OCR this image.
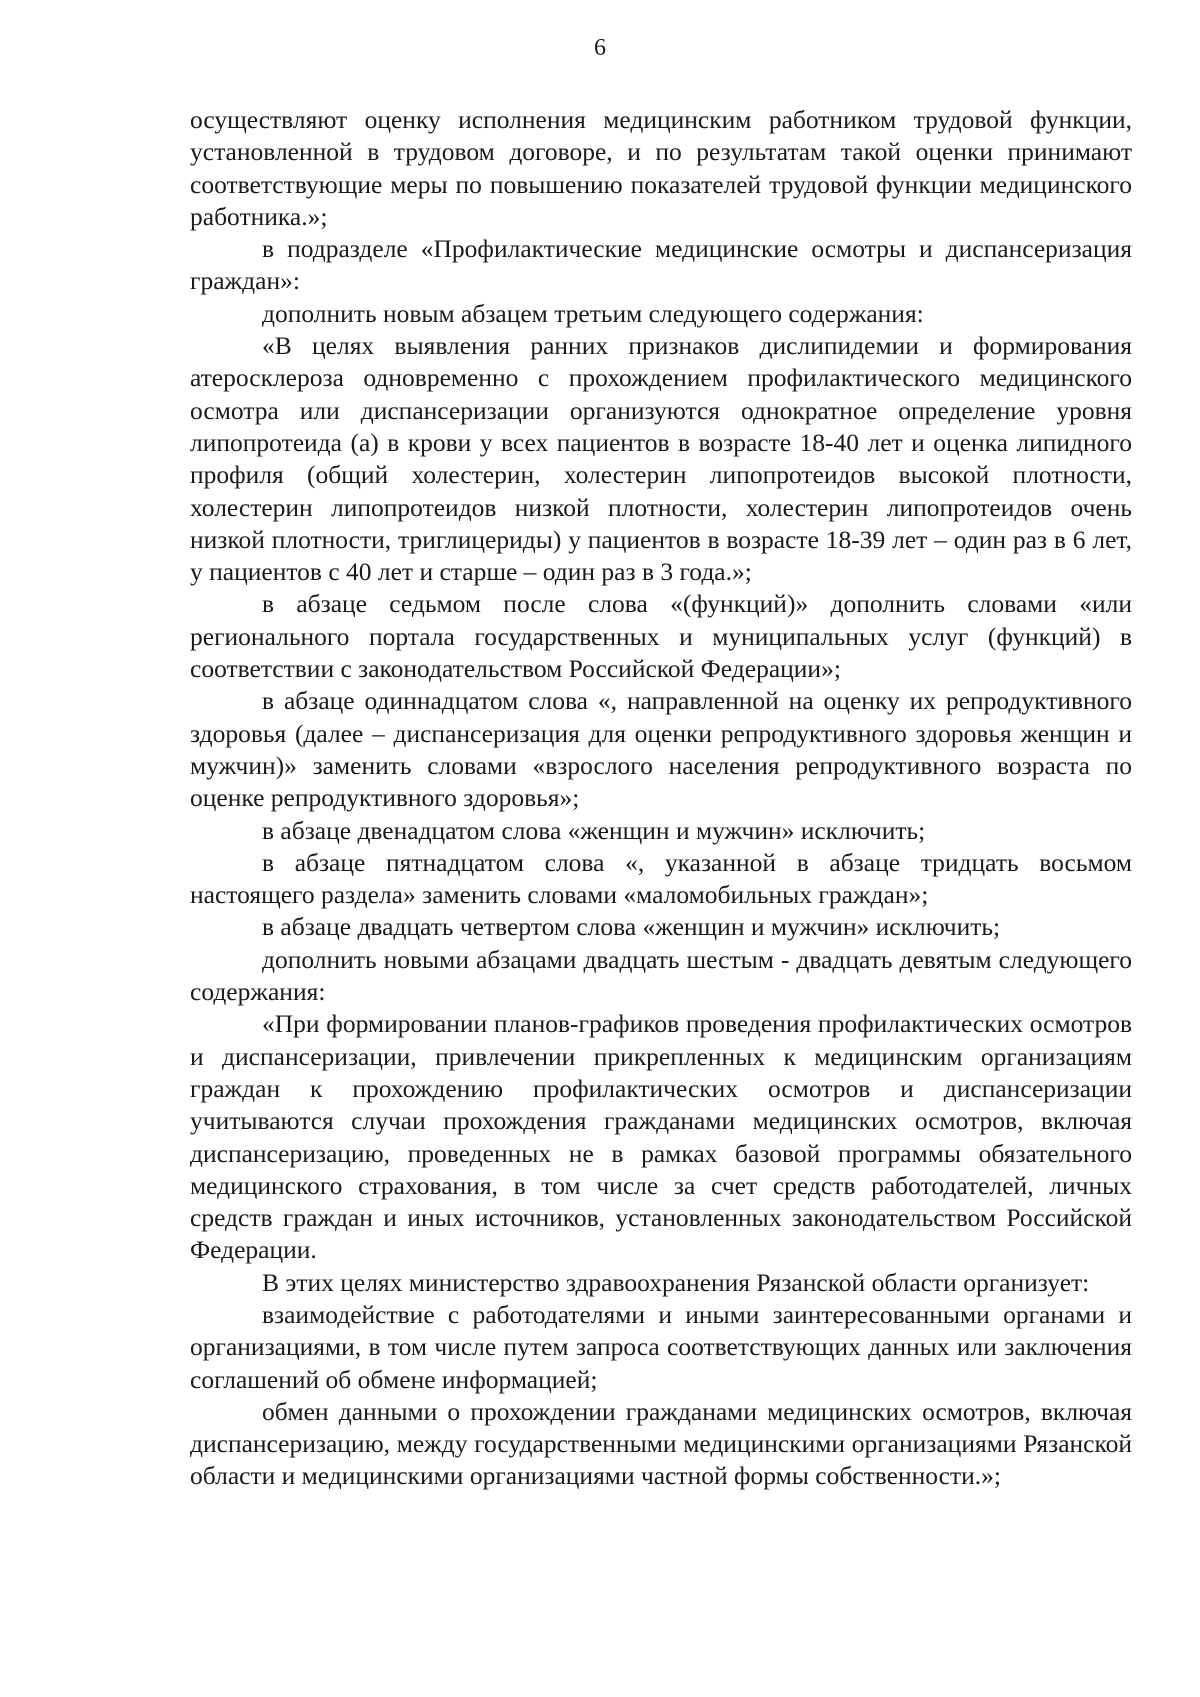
6

осуществляют оценку исполнения медицинским работником трудовой функции, установленной в трудовом договоре, и по результатам такой оценки принимают соответствующие меры по повышению показателей трудовой функции медицинского работника.»;

в подразделе «Профилактические медицинские осмотры и диспансеризация граждан»:

дополнить новым абзацем третьим следующего содержания:

«В целях выявления ранних признаков дислипидемии и формирования атеросклероза одновременно с прохождением профилактического медицинского осмотра или диспансеризации организуются однократное определение уровня липопротеида (а) в крови у всех пациентов в возрасте 18-40 лет и оценка липидного профиля (общий холестерин, холестерин липопротеидов высокой плотности, холестерин липопротеидов низкой плотности, холестерин липопротеидов очень низкой плотности, триглицериды) у пациентов в возрасте 18-39 лет – один раз в 6 лет, у пациентов с 40 лет и старше – один раз в 3 года.»;

в абзаце седьмом после слова «(функций)» дополнить словами «или регионального портала государственных и муниципальных услуг (функций) в соответствии с законодательством Российской Федерации»;

в абзаце одиннадцатом слова «, направленной на оценку их репродуктивного здоровья (далее – диспансеризация для оценки репродуктивного здоровья женщин и мужчин)» заменить словами «взрослого населения репродуктивного возраста по оценке репродуктивного здоровья»;

в абзаце двенадцатом слова «женщин и мужчин» исключить;

в абзаце пятнадцатом слова «, указанной в абзаце тридцать восьмом настоящего раздела» заменить словами «маломобильных граждан»;

в абзаце двадцать четвертом слова «женщин и мужчин» исключить;

дополнить новыми абзацами двадцать шестым - двадцать девятым следующего содержания:

«При формировании планов-графиков проведения профилактических осмотров и диспансеризации, привлечении прикрепленных к медицинским организациям граждан к прохождению профилактических осмотров и диспансеризации учитываются случаи прохождения гражданами медицинских осмотров, включая диспансеризацию, проведенных не в рамках базовой программы обязательного медицинского страхования, в том числе за счет средств работодателей, личных средств граждан и иных источников, установленных законодательством Российской Федерации.

В этих целях министерство здравоохранения Рязанской области организует:

взаимодействие с работодателями и иными заинтересованными органами и организациями, в том числе путем запроса соответствующих данных или заключения соглашений об обмене информацией;

обмен данными о прохождении гражданами медицинских осмотров, включая диспансеризацию, между государственными медицинскими организациями Рязанской области и медицинскими организациями частной формы собственности.»;
